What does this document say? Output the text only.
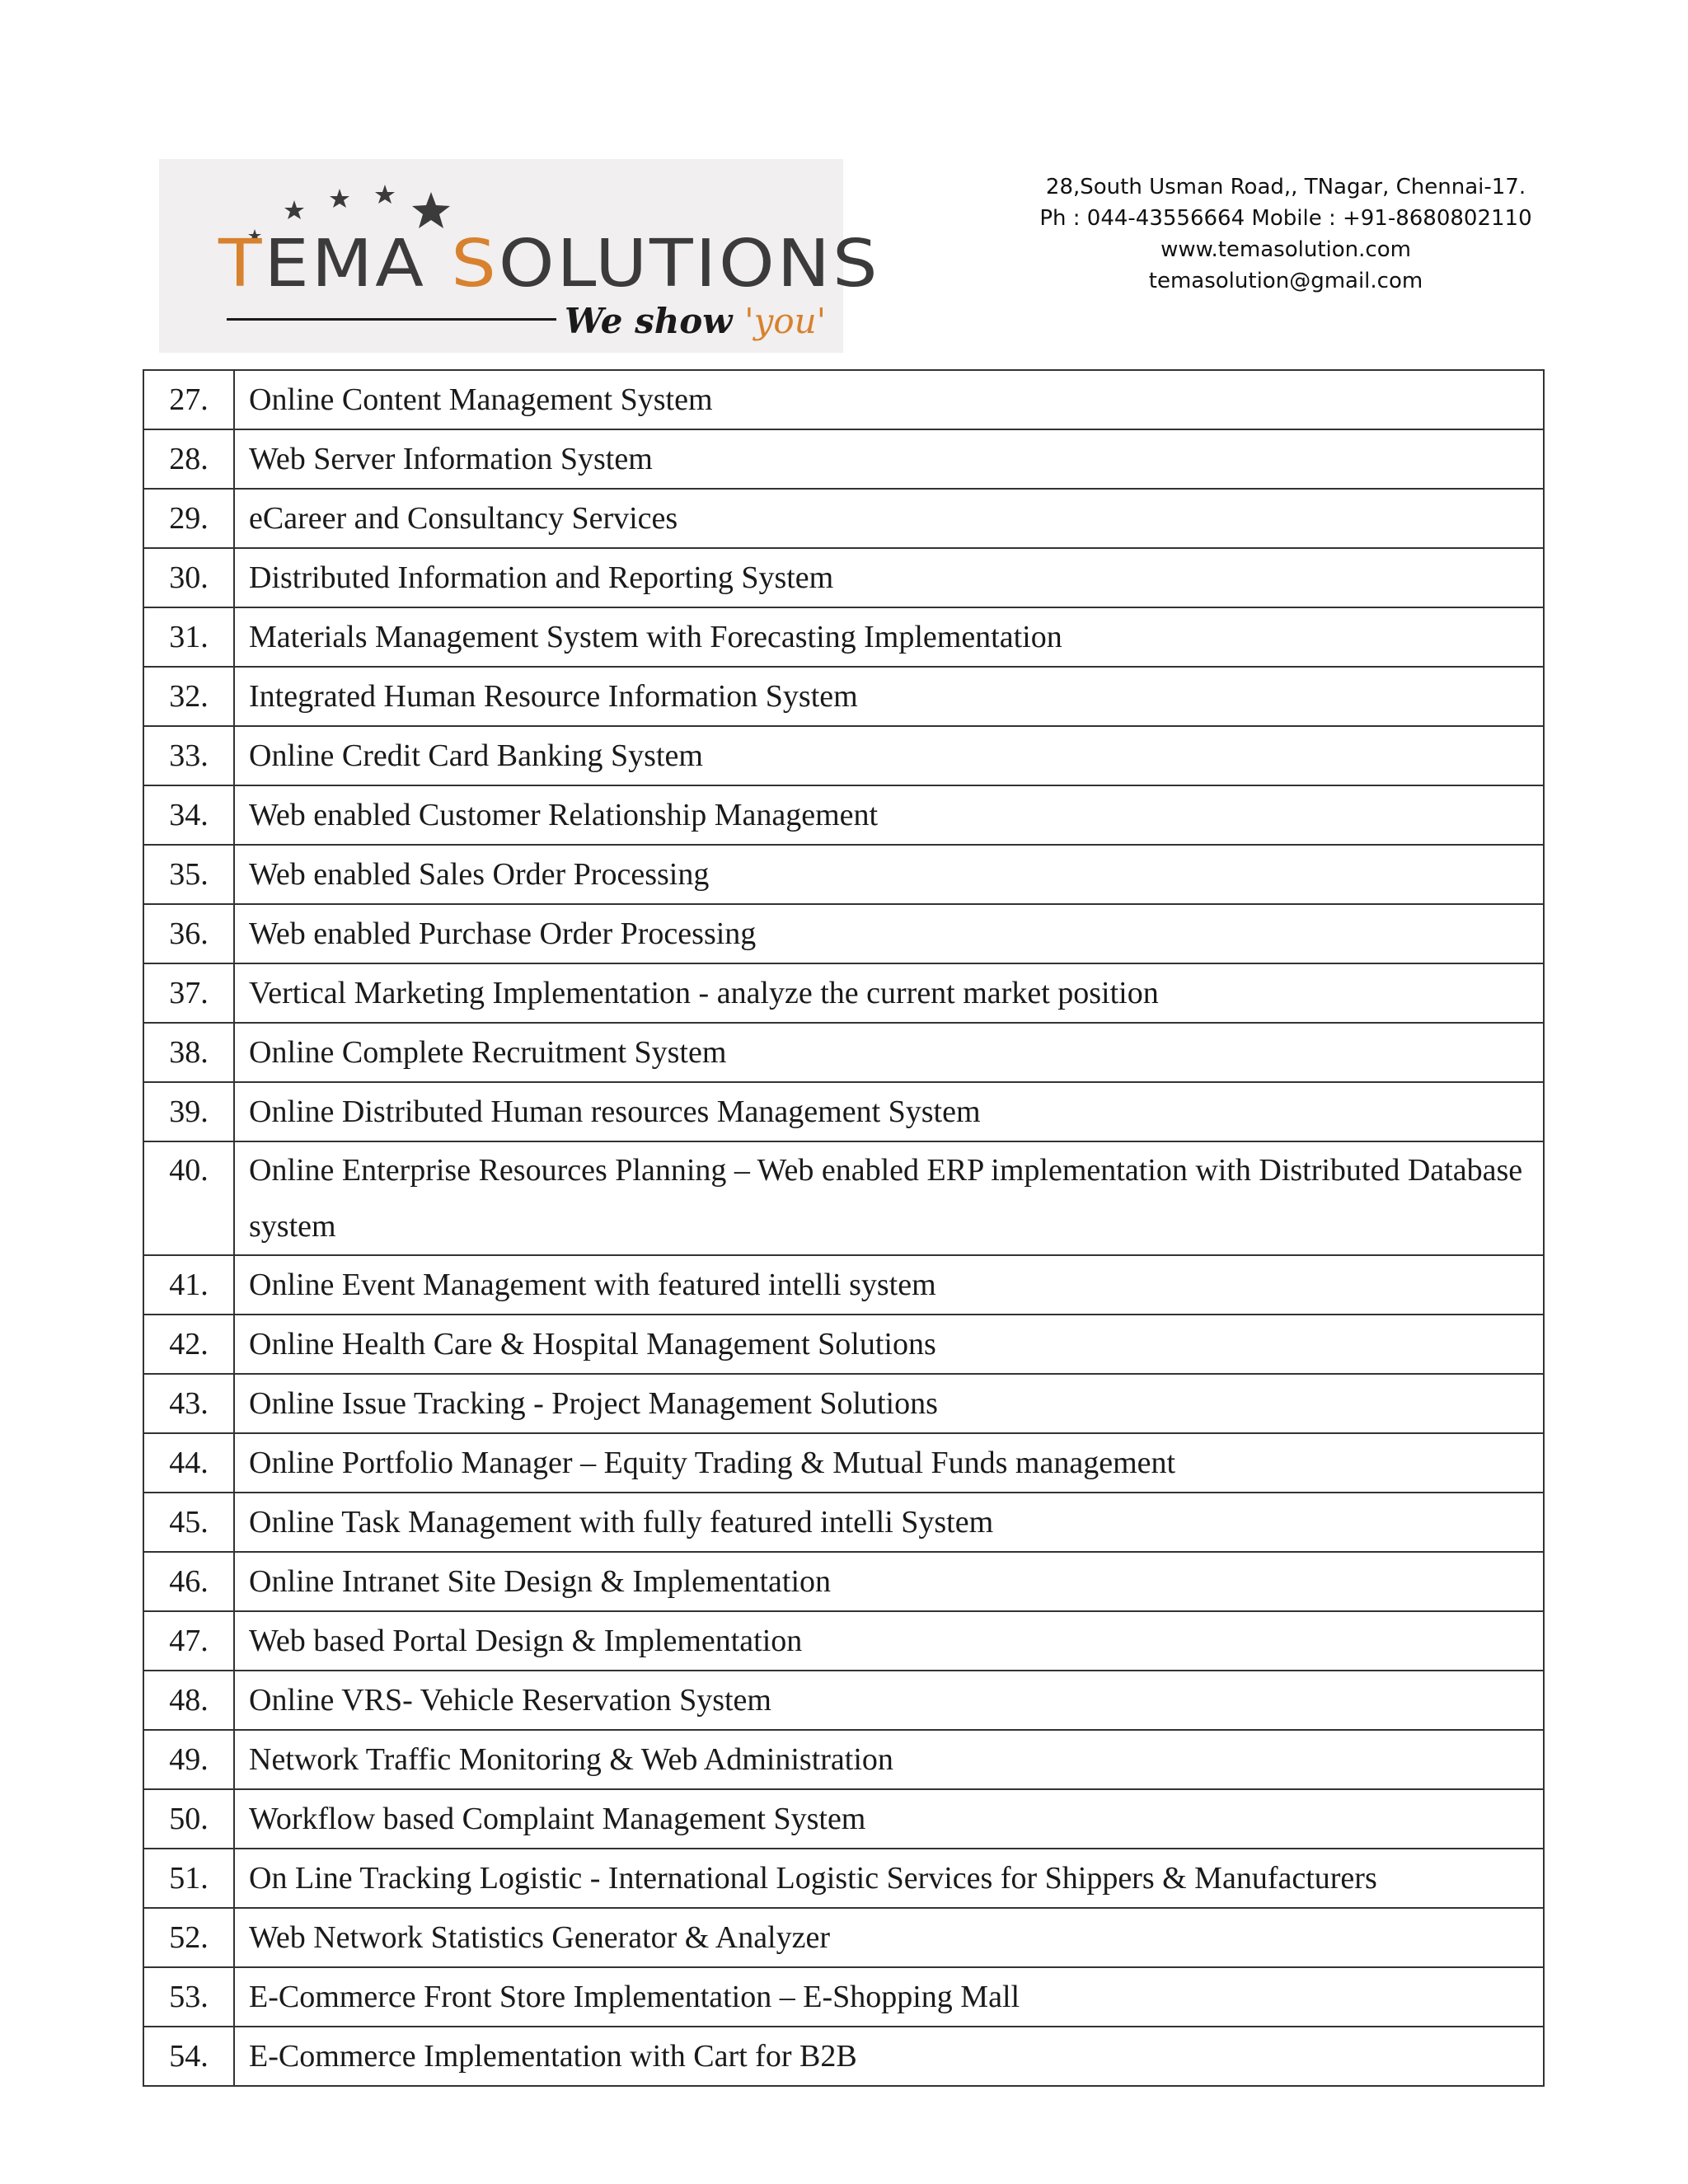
TEMA SOLUTIONS
We show 'you'
28,South Usman Road,, TNagar, Chennai-17.
Ph : 044-43556664 Mobile : +91-8680802110
www.temasolution.com
temasolution@gmail.com
27.	Online Content Management System
28.	Web Server Information System
29.	eCareer and Consultancy Services
30.	Distributed Information and Reporting System
31.	Materials Management System with Forecasting Implementation
32.	Integrated Human Resource Information System
33.	Online Credit Card Banking System
34.	Web enabled Customer Relationship Management
35.	Web enabled Sales Order Processing
36.	Web enabled Purchase Order Processing
37.	Vertical Marketing Implementation - analyze the current market position
38.	Online Complete Recruitment System
39.	Online Distributed Human resources Management System
40.	Online Enterprise Resources Planning – Web enabled ERP implementation with Distributed Database system
41.	Online Event Management with featured intelli system
42.	Online Health Care & Hospital Management Solutions
43.	Online Issue Tracking - Project Management Solutions
44.	Online Portfolio Manager – Equity Trading & Mutual Funds management
45.	Online Task Management with fully featured intelli System
46.	Online Intranet Site Design & Implementation
47.	Web based Portal Design & Implementation
48.	Online VRS- Vehicle Reservation System
49.	Network Traffic Monitoring & Web Administration
50.	Workflow based Complaint Management System
51.	On Line Tracking Logistic - International Logistic Services for Shippers & Manufacturers
52.	Web Network Statistics Generator & Analyzer
53.	E-Commerce Front Store Implementation – E-Shopping Mall
54.	E-Commerce Implementation with Cart for B2B
